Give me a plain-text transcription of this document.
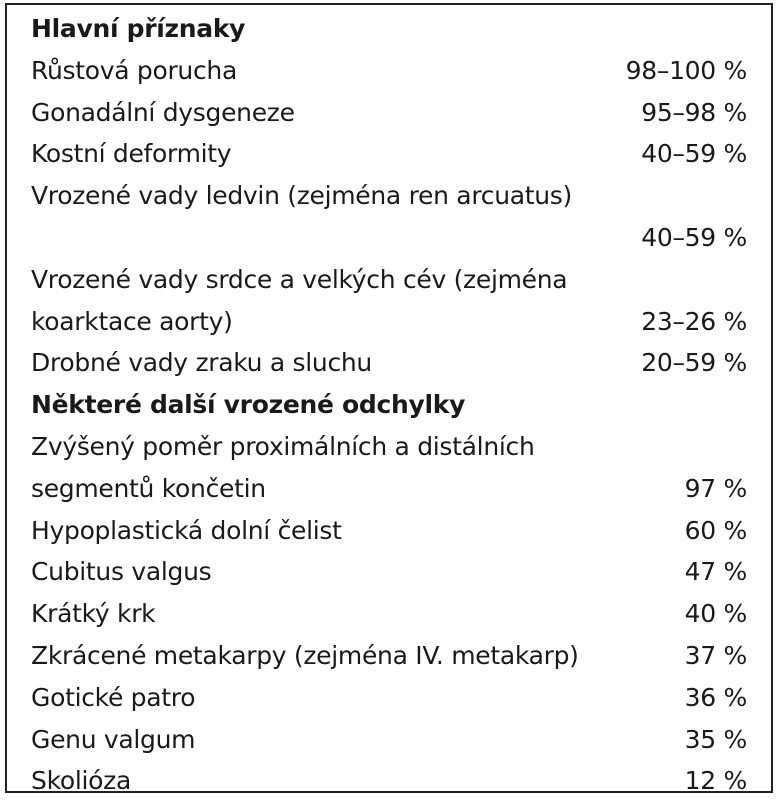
Hlavní příznaky
Růstová porucha	98–100 %
Gonadální dysgeneze	95–98 %
Kostní deformity	40–59 %
Vrozené vady ledvin (zejména ren arcuatus)
40–59 %
Vrozené vady srdce a velkých cév (zejména
koarktace aorty)	23–26 %
Drobné vady zraku a sluchu	20–59 %
Některé další vrozené odchylky
Zvýšený poměr proximálních a distálních
segmentů končetin	97 %
Hypoplastická dolní čelist	60 %
Cubitus valgus	47 %
Krátký krk	40 %
Zkrácené metakarpy (zejména IV. metakarp)	37 %
Gotické patro	36 %
Genu valgum	35 %
Skolióza	12 %
